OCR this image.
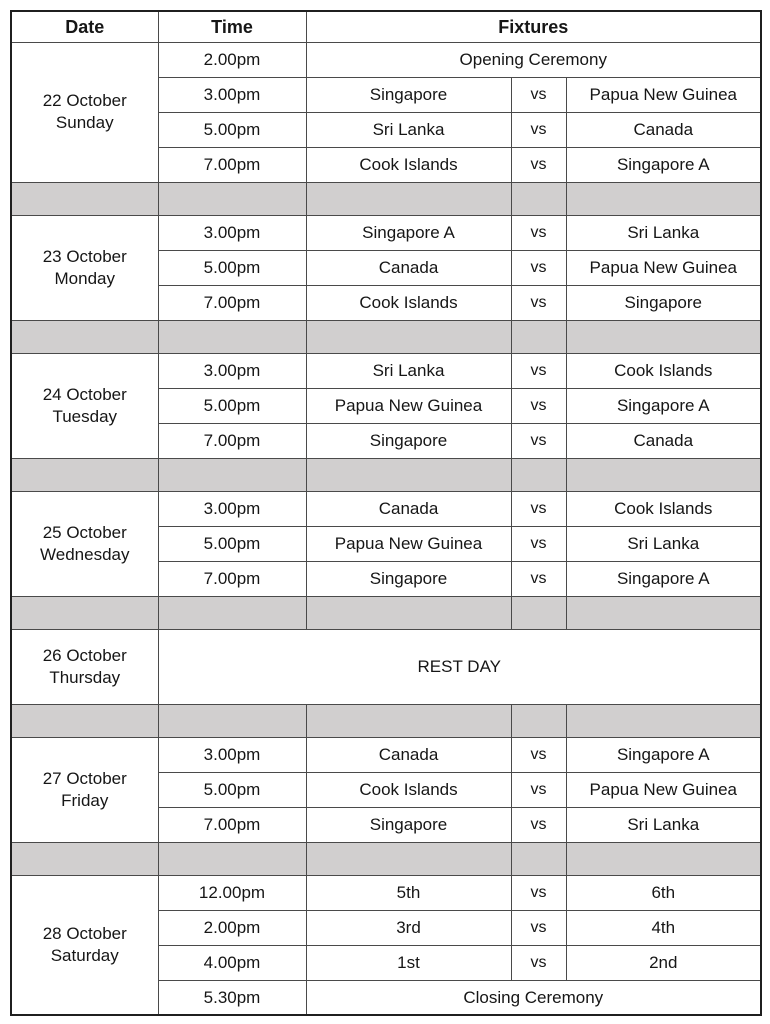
Date	Time	Fixtures		

22 October
Sunday	2.00pm	Opening Ceremony		
	3.00pm	Singapore	vs	Papua New Guinea
	5.00pm	Sri Lanka	vs	Canada
	7.00pm	Cook Islands	vs	Singapore A

23 October
Monday	3.00pm	Singapore A	vs	Sri Lanka
	5.00pm	Canada	vs	Papua New Guinea
	7.00pm	Cook Islands	vs	Singapore

24 October
Tuesday	3.00pm	Sri Lanka	vs	Cook Islands
	5.00pm	Papua New Guinea	vs	Singapore A
	7.00pm	Singapore	vs	Canada

25 October
Wednesday	3.00pm	Canada	vs	Cook Islands
	5.00pm	Papua New Guinea	vs	Sri Lanka
	7.00pm	Singapore	vs	Singapore A

26 October
Thursday	REST DAY			

27 October
Friday	3.00pm	Canada	vs	Singapore A
	5.00pm	Cook Islands	vs	Papua New Guinea
	7.00pm	Singapore	vs	Sri Lanka

28 October
Saturday	12.00pm	5th	vs	6th
	2.00pm	3rd	vs	4th
	4.00pm	1st	vs	2nd
	5.30pm	Closing Ceremony		
